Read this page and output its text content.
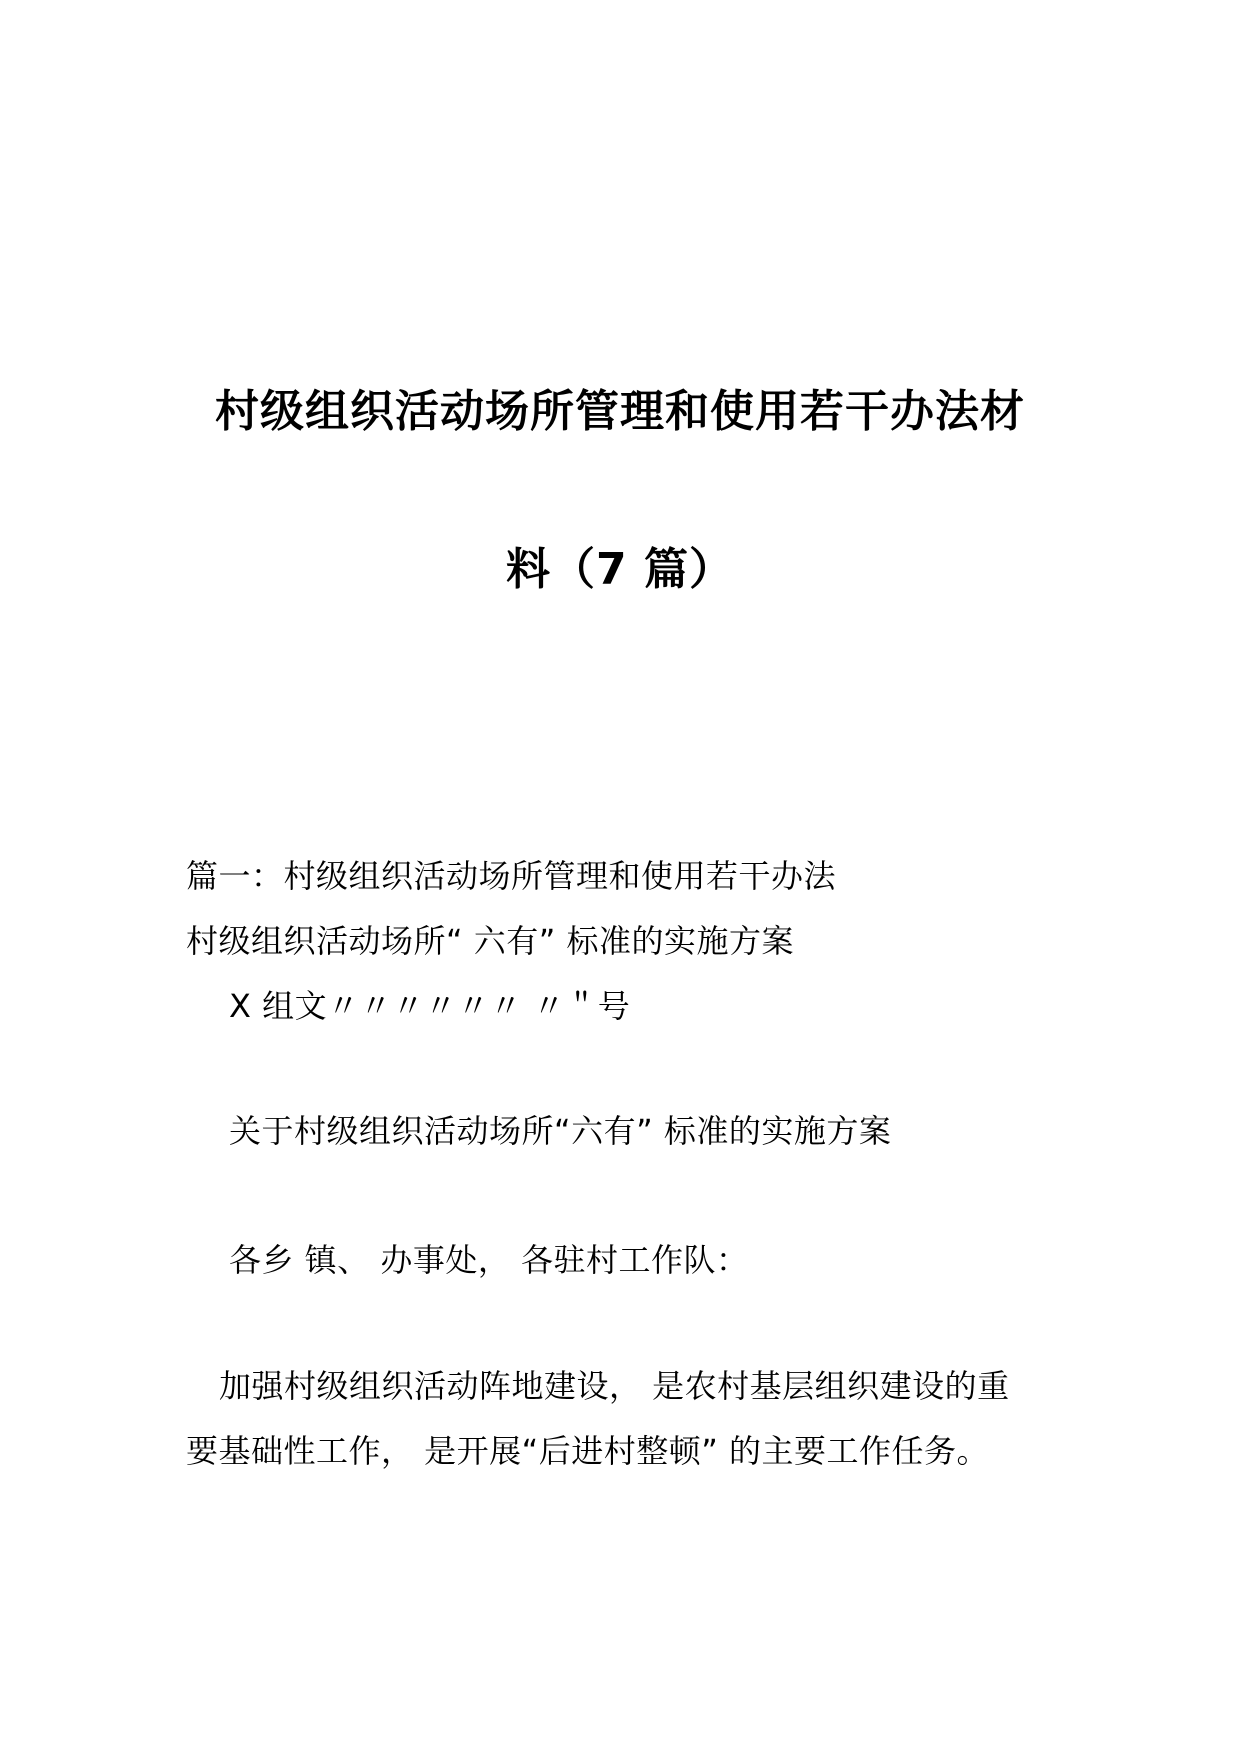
村级组织活动场所管理和使用若干办法材
料（7 篇）
篇一：村级组织活动场所管理和使用若干办法
村级组织活动场所“ 六有” 标准的实施方案
X 组文〃〃〃〃〃〃 〃＂号
关于村级组织活动场所“六有” 标准的实施方案
各乡 镇、 办事处， 各驻村工作队：
加强村级组织活动阵地建设， 是农村基层组织建设的重
要基础性工作， 是开展“后进村整顿” 的主要工作任务。
